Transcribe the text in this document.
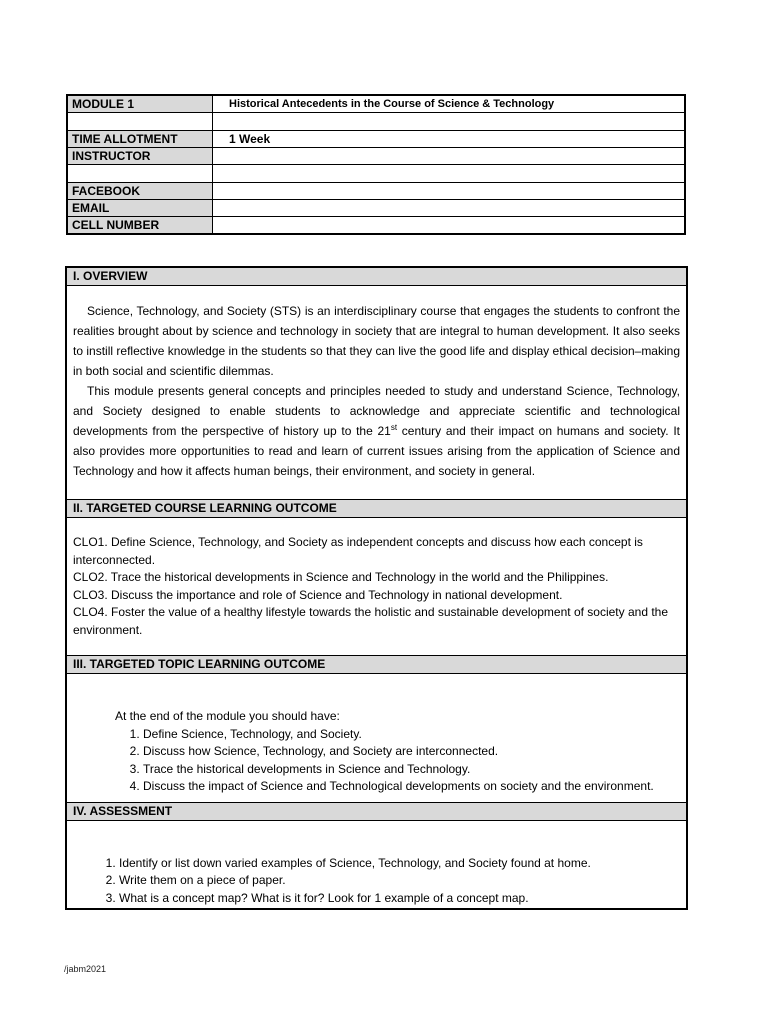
MODULE 1	Historical Antecedents in the Course of Science & Technology

TIME ALLOTMENT	1 Week
INSTRUCTOR	

FACEBOOK	
EMAIL	
CELL NUMBER	
I. OVERVIEW

Science, Technology, and Society (STS) is an interdisciplinary course that engages the students to confront the realities brought about by science and technology in society that are integral to human development. It also seeks to instill reflective knowledge in the students so that they can live the good life and display ethical decision–making in both social and scientific dilemmas.

This module presents general concepts and principles needed to study and understand Science, Technology, and Society designed to enable students to acknowledge and appreciate scientific and technological developments from the perspective of history up to the 21st century and their impact on humans and society. It also provides more opportunities to read and learn of current issues arising from the application of Science and Technology and how it affects human beings, their environment, and society in general.

II. TARGETED COURSE LEARNING OUTCOME
CLO1. Define Science, Technology, and Society as independent concepts and discuss how each concept is interconnected.
CLO2. Trace the historical developments in Science and Technology in the world and the Philippines.
CLO3. Discuss the importance and role of Science and Technology in national development.
CLO4. Foster the value of a healthy lifestyle towards the holistic and sustainable development of society and the environment.
III. TARGETED TOPIC LEARNING OUTCOME
At the end of the module you should have:
1. Define Science, Technology, and Society.
2. Discuss how Science, Technology, and Society are interconnected.
3. Trace the historical developments in Science and Technology.
4. Discuss the impact of Science and Technological developments on society and the environment.
IV. ASSESSMENT
1. Identify or list down varied examples of Science, Technology, and Society found at home.
2. Write them on a piece of paper.
3. What is a concept map? What is it for? Look for 1 example of a concept map.
/jabm2021
